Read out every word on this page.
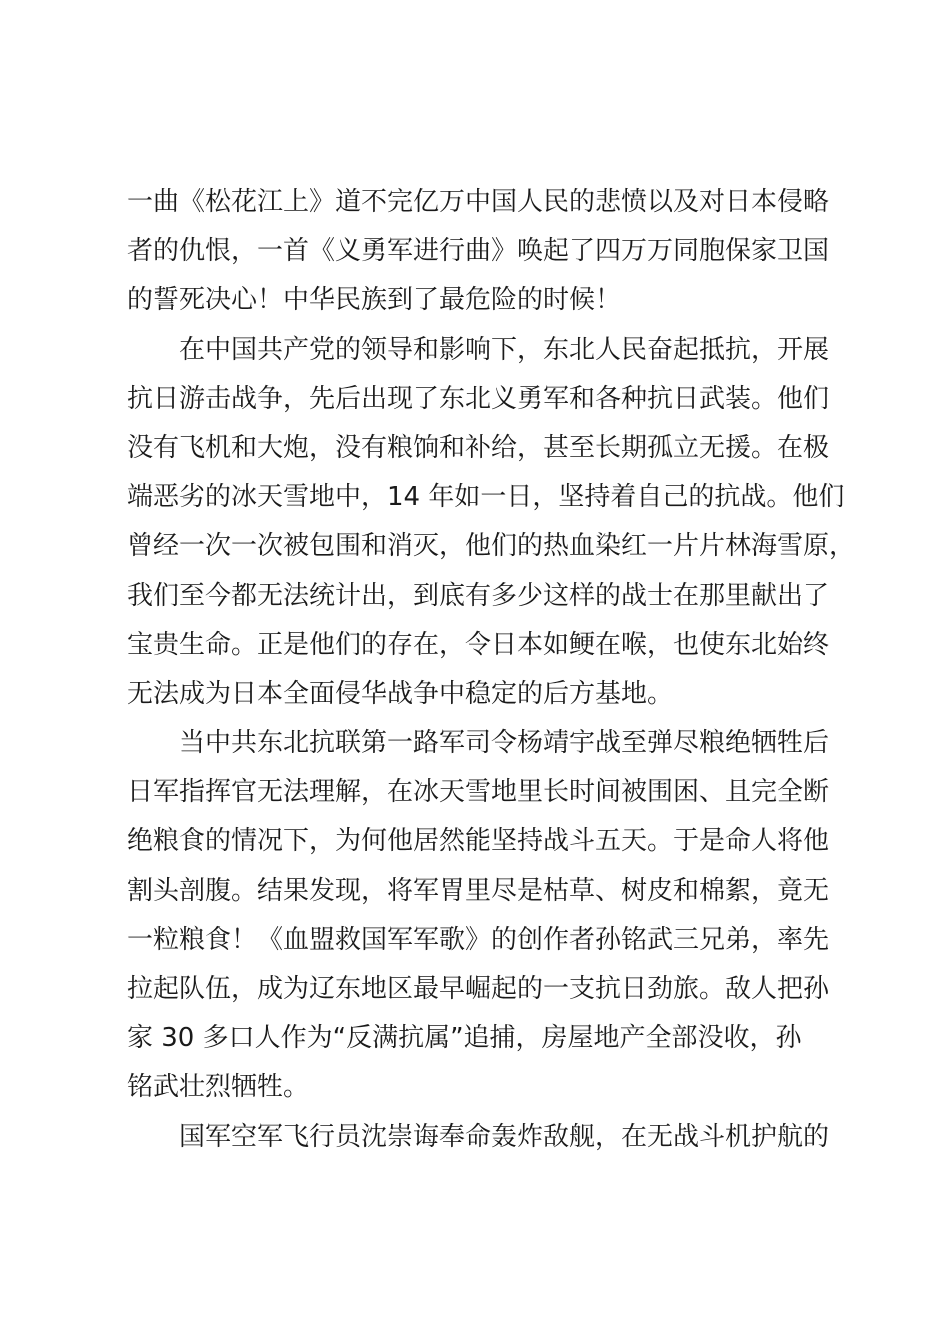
一曲《松花江上》道不完亿万中国人民的悲愤以及对日本侵略
者的仇恨，一首《义勇军进行曲》唤起了四万万同胞保家卫国
的誓死决心！中华民族到了最危险的时候！
在中国共产党的领导和影响下，东北人民奋起抵抗，开展
抗日游击战争，先后出现了东北义勇军和各种抗日武装。他们
没有飞机和大炮，没有粮饷和补给，甚至长期孤立无援。在极
端恶劣的冰天雪地中，14 年如一日，坚持着自己的抗战。他们
曾经一次一次被包围和消灭，他们的热血染红一片片林海雪原，
我们至今都无法统计出，到底有多少这样的战士在那里献出了
宝贵生命。正是他们的存在，令日本如鲠在喉，也使东北始终
无法成为日本全面侵华战争中稳定的后方基地。
当中共东北抗联第一路军司令杨靖宇战至弹尽粮绝牺牲后
日军指挥官无法理解，在冰天雪地里长时间被围困、且完全断
绝粮食的情况下，为何他居然能坚持战斗五天。于是命人将他
割头剖腹。结果发现，将军胃里尽是枯草、树皮和棉絮，竟无
一粒粮食！《血盟救国军军歌》的创作者孙铭武三兄弟，率先
拉起队伍，成为辽东地区最早崛起的一支抗日劲旅。敌人把孙
家 30 多口人作为“反满抗属”追捕，房屋地产全部没收，孙
铭武壮烈牺牲。
国军空军飞行员沈崇诲奉命轰炸敌舰，在无战斗机护航的
